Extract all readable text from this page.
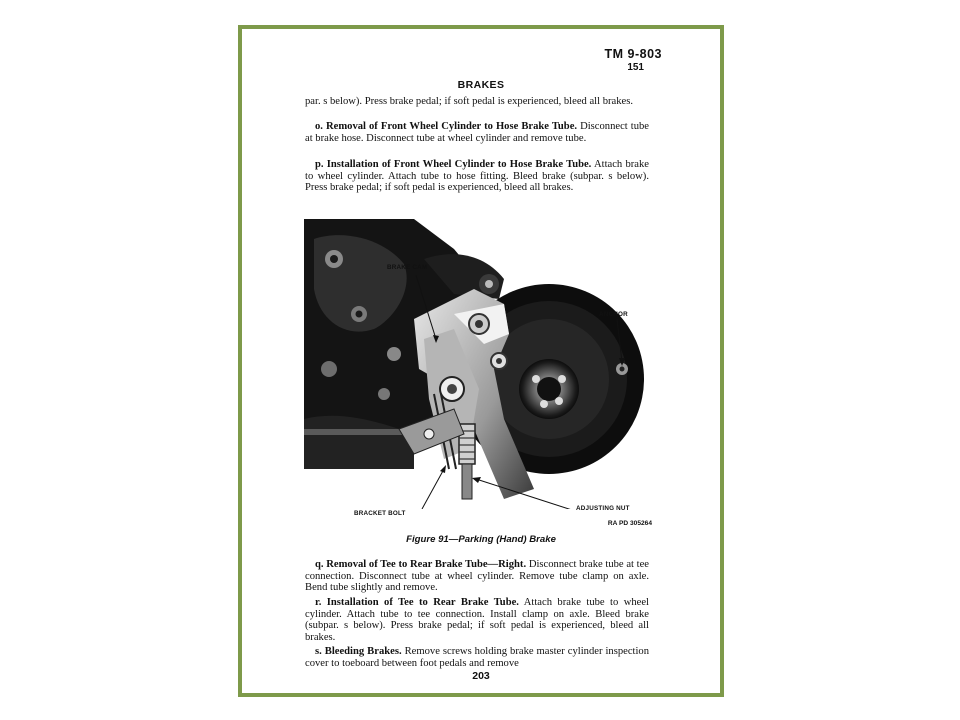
TM 9-803
151
BRAKES
par. s below). Press brake pedal; if soft pedal is experienced, bleed all brakes.
o. Removal of Front Wheel Cylinder to Hose Brake Tube. Disconnect tube at brake hose. Disconnect tube at wheel cylinder and remove tube.
p. Installation of Front Wheel Cylinder to Hose Brake Tube. Attach brake to wheel cylinder. Attach tube to hose fitting. Bleed brake (subpar. s below). Press brake pedal; if soft pedal is experienced, bleed all brakes.
BRAKE CAM
ANCHOR
BRACKET BOLT
ADJUSTING NUT
RA PD 305264
Figure 91—Parking (Hand) Brake
q. Removal of Tee to Rear Brake Tube—Right. Disconnect brake tube at tee connection. Disconnect tube at wheel cylinder. Remove tube clamp on axle. Bend tube slightly and remove.
r. Installation of Tee to Rear Brake Tube. Attach brake tube to wheel cylinder. Attach tube to tee connection. Install clamp on axle. Bleed brake (subpar. s below). Press brake pedal; if soft pedal is experienced, bleed all brakes.
s. Bleeding Brakes. Remove screws holding brake master cylinder inspection cover to toeboard between foot pedals and remove
203
